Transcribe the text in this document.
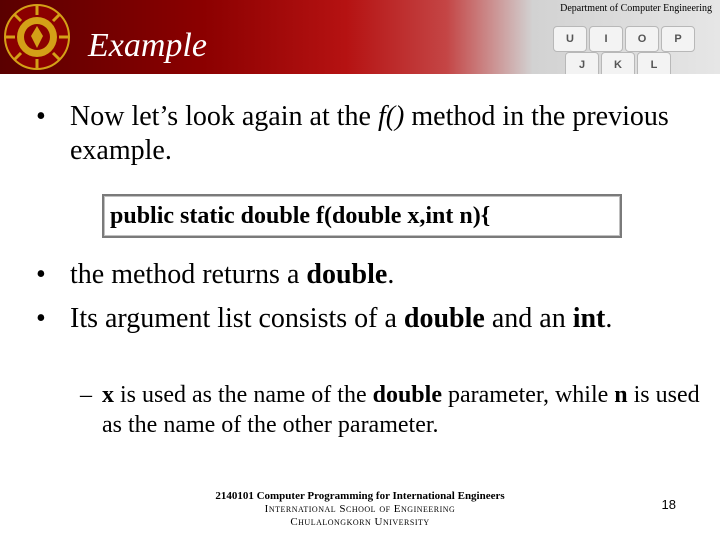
U	I	O	P
J	K	L
Department of Computer Engineering
Example
• Now let’s look again at the f() method in the previous example.
public static double f(double x,int n){
• the method returns a double.
• Its argument list consists of a double and an int.
– x is used as the name of the double parameter, while n is used as the name of the other parameter.
2140101 Computer Programming for International Engineers
International School of Engineering
Chulalongkorn University
18
